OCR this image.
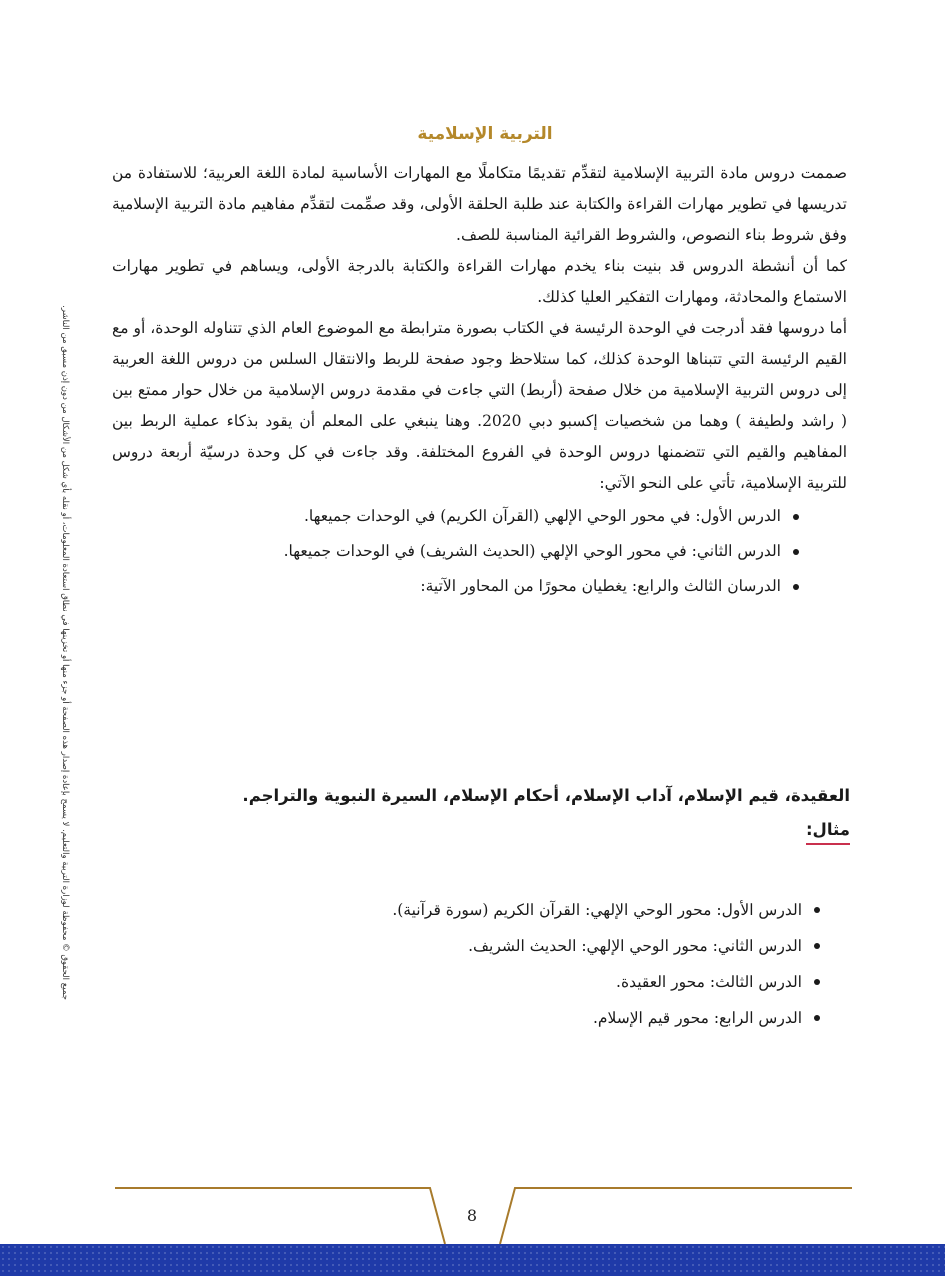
جميع الحقوق © محفوظة لوزارة التربية والتعليم. لا يسمح بإعادة إصدار هذه الصفحة أو جزء منها أو تخزينها في نطاق استعادة المعلومات، أو نقله بأي شكل من الأشكال من دون إذن مسبق من الناشر.
التربية الإسلامية

صممت دروس مادة التربية الإسلامية لتقدِّم تقديمًا متكاملًا مع المهارات الأساسية لمادة اللغة العربية؛ للاستفادة من تدريسها في تطوير مهارات القراءة والكتابة عند طلبة الحلقة الأولى، وقد صمِّمت لتقدِّم مفاهيم مادة التربية الإسلامية وفق شروط بناء النصوص، والشروط القرائية المناسبة للصف.

كما أن أنشطة الدروس قد بنيت بناء يخدم مهارات القراءة والكتابة بالدرجة الأولى، ويساهم في تطوير مهارات الاستماع والمحادثة، ومهارات التفكير العليا كذلك.

أما دروسها فقد أدرجت في الوحدة الرئيسة في الكتاب بصورة مترابطة مع الموضوع العام الذي تتناوله الوحدة، أو مع القيم الرئيسة التي تتبناها الوحدة كذلك، كما ستلاحظ وجود صفحة للربط والانتقال السلس من دروس اللغة العربية إلى دروس التربية الإسلامية من خلال صفحة (أربط) التي جاءت في مقدمة دروس الإسلامية من خلال حوار ممتع بين ( راشد ولطيفة ) وهما من شخصيات إكسبو دبي 2020. وهنا ينبغي على المعلم أن يقود بذكاء عملية الربط بين المفاهيم والقيم التي تتضمنها دروس الوحدة في الفروع المختلفة. وقد جاءت في كل وحدة درسيّة أربعة دروس للتربية الإسلامية، تأتي على النحو الآتي:

الدرس الأول: في محور الوحي الإلهي (القرآن الكريم) في الوحدات جميعها.
الدرس الثاني: في محور الوحي الإلهي (الحديث الشريف) في الوحدات جميعها.
الدرسان الثالث والرابع: يغطيان محورًا من المحاور الآتية:
العقيدة، قيم الإسلام، آداب الإسلام، أحكام الإسلام، السيرة النبوية والتراجم.
مثال:
الدرس الأول: محور الوحي الإلهي: القرآن الكريم (سورة قرآنية).
الدرس الثاني: محور الوحي الإلهي: الحديث الشريف.
الدرس الثالث: محور العقيدة.
الدرس الرابع: محور قيم الإسلام.
8
